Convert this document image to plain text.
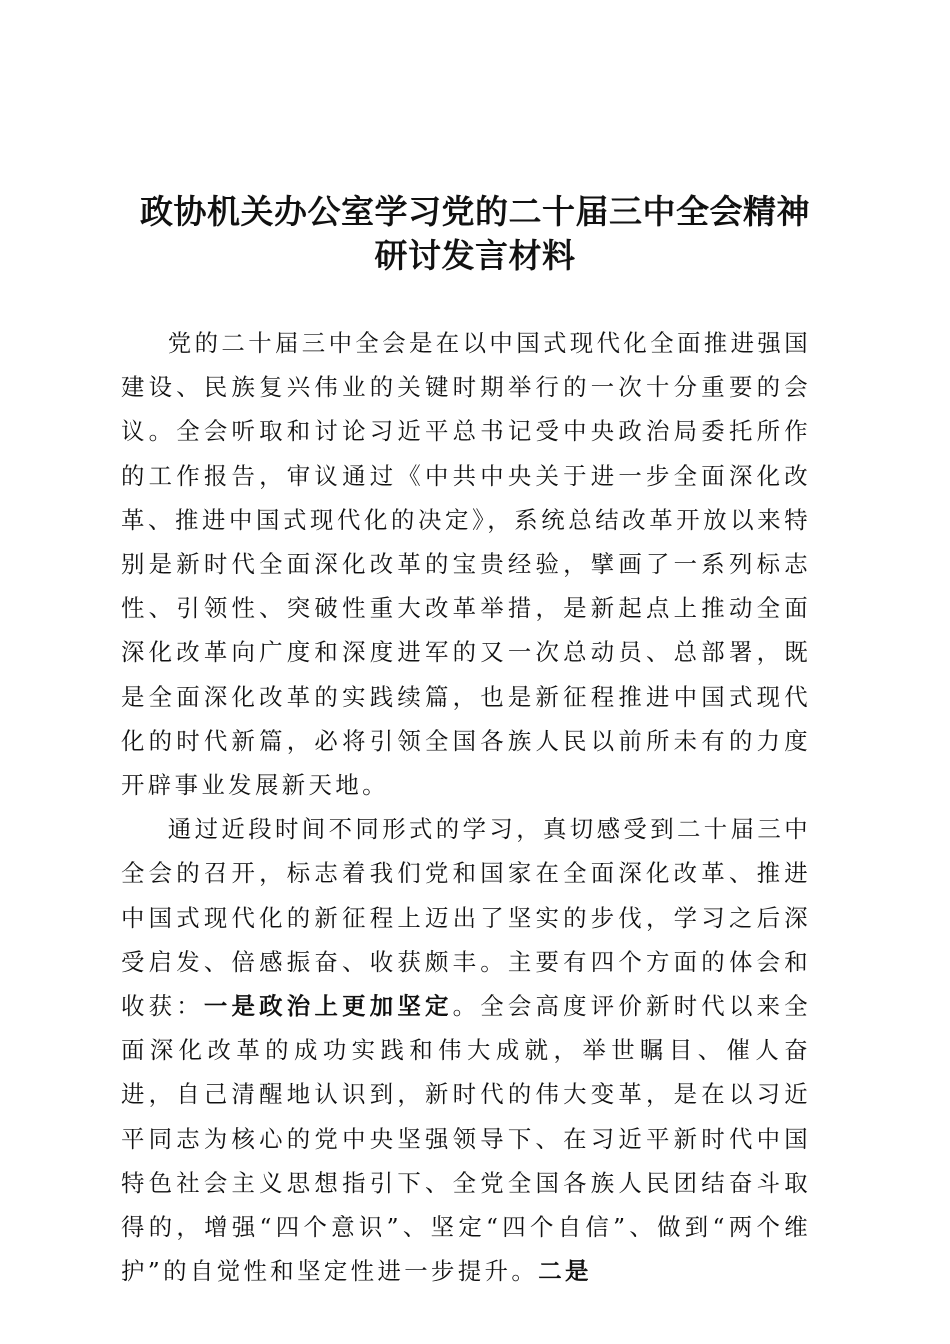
政协机关办公室学习党的二十届三中全会精神
研讨发言材料

党的二十届三中全会是在以中国式现代化全面推进强国建设、民族复兴伟业的关键时期举行的一次十分重要的会议。全会听取和讨论习近平总书记受中央政治局委托所作的工作报告，审议通过《中共中央关于进一步全面深化改革、推进中国式现代化的决定》，系统总结改革开放以来特别是新时代全面深化改革的宝贵经验，擘画了一系列标志性、引领性、突破性重大改革举措，是新起点上推动全面深化改革向广度和深度进军的又一次总动员、总部署，既是全面深化改革的实践续篇，也是新征程推进中国式现代化的时代新篇，必将引领全国各族人民以前所未有的力度开辟事业发展新天地。

通过近段时间不同形式的学习，真切感受到二十届三中全会的召开，标志着我们党和国家在全面深化改革、推进中国式现代化的新征程上迈出了坚实的步伐，学习之后深受启发、倍感振奋、收获颇丰。主要有四个方面的体会和收获：一是政治上更加坚定。全会高度评价新时代以来全面深化改革的成功实践和伟大成就，举世瞩目、催人奋进，自己清醒地认识到，新时代的伟大变革，是在以习近平同志为核心的党中央坚强领导下、在习近平新时代中国特色社会主义思想指引下、全党全国各族人民团结奋斗取得的，增强“四个意识”、坚定“四个自信”、做到“两个维护”的自觉性和坚定性进一步提升。二是
